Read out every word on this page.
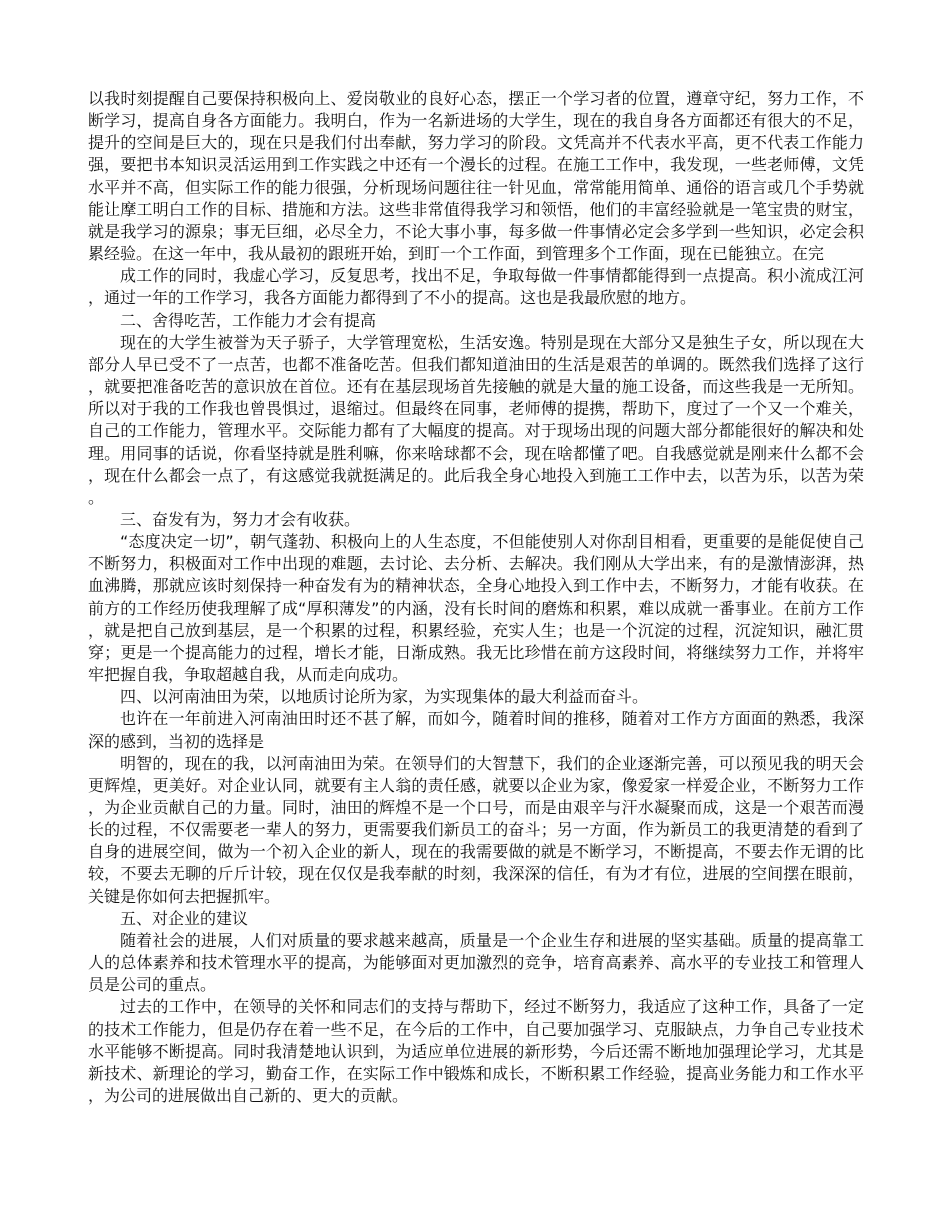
以我时刻提醒自己要保持积极向上、爱岗敬业的良好心态，摆正一个学习者的位置，遵章守纪，努力工作，不断学习，提高自身各方面能力。我明白，作为一名新进场的大学生，现在的我自身各方面都还有很大的不足，提升的空间是巨大的，现在只是我们付出奉献，努力学习的阶段。文凭高并不代表水平高，更不代表工作能力强，要把书本知识灵活运用到工作实践之中还有一个漫长的过程。在施工工作中，我发现，一些老师傅，文凭水平并不高，但实际工作的能力很强，分析现场问题往往一针见血，常常能用简单、通俗的语言或几个手势就能让摩工明白工作的目标、措施和方法。这些非常值得我学习和领悟，他们的丰富经验就是一笔宝贵的财宝，就是我学习的源泉；事无巨细，必尽全力，不论大事小事，每多做一件事情必定会多学到一些知识，必定会积累经验。在这一年中，我从最初的跟班开始，到盯一个工作面，到管理多个工作面，现在已能独立。在完

成工作的同时，我虚心学习，反复思考，找出不足，争取每做一件事情都能得到一点提高。积小流成江河，通过一年的工作学习，我各方面能力都得到了不小的提高。这也是我最欣慰的地方。

二、舍得吃苦，工作能力才会有提高

现在的大学生被誉为天子骄子，大学管理宽松，生活安逸。特别是现在大部分又是独生子女，所以现在大部分人早已受不了一点苦，也都不准备吃苦。但我们都知道油田的生活是艰苦的单调的。既然我们选择了这行，就要把准备吃苦的意识放在首位。还有在基层现场首先接触的就是大量的施工设备，而这些我是一无所知。所以对于我的工作我也曾畏惧过，退缩过。但最终在同事，老师傅的提携，帮助下，度过了一个又一个难关，自己的工作能力，管理水平。交际能力都有了大幅度的提高。对于现场出现的问题大部分都能很好的解决和处理。用同事的话说，你看坚持就是胜利嘛，你来啥球都不会，现在啥都懂了吧。自我感觉就是刚来什么都不会，现在什么都会一点了，有这感觉我就挺满足的。此后我全身心地投入到施工工作中去，以苦为乐，以苦为荣。

三、奋发有为，努力才会有收获。

“态度决定一切”，朝气蓬勃、积极向上的人生态度，不但能使别人对你刮目相看，更重要的是能促使自己不断努力，积极面对工作中出现的难题，去讨论、去分析、去解决。我们刚从大学出来，有的是激情澎湃，热血沸腾，那就应该时刻保持一种奋发有为的精神状态，全身心地投入到工作中去，不断努力，才能有收获。在前方的工作经历使我理解了成“厚积薄发”的内涵，没有长时间的磨炼和积累，难以成就一番事业。在前方工作，就是把自己放到基层，是一个积累的过程，积累经验，充实人生；也是一个沉淀的过程，沉淀知识，融汇贯穿；更是一个提高能力的过程，增长才能，日渐成熟。我无比珍惜在前方这段时间，将继续努力工作，并将牢牢把握自我，争取超越自我，从而走向成功。

四、以河南油田为荣，以地质讨论所为家，为实现集体的最大利益而奋斗。

也许在一年前进入河南油田时还不甚了解，而如今，随着时间的推移，随着对工作方方面面的熟悉，我深深的感到，当初的选择是

明智的，现在的我，以河南油田为荣。在领导们的大智慧下，我们的企业逐渐完善，可以预见我的明天会更辉煌，更美好。对企业认同，就要有主人翁的责任感，就要以企业为家，像爱家一样爱企业，不断努力工作，为企业贡献自己的力量。同时，油田的辉煌不是一个口号，而是由艰辛与汗水凝聚而成，这是一个艰苦而漫长的过程，不仅需要老一辈人的努力，更需要我们新员工的奋斗；另一方面，作为新员工的我更清楚的看到了自身的进展空间，做为一个初入企业的新人，现在的我需要做的就是不断学习，不断提高，不要去作无谓的比较，不要去无聊的斤斤计较，现在仅仅是我奉献的时刻，我深深的信任，有为才有位，进展的空间摆在眼前，关键是你如何去把握抓牢。

五、对企业的建议

随着社会的进展，人们对质量的要求越来越高，质量是一个企业生存和进展的坚实基础。质量的提高靠工人的总体素养和技术管理水平的提高，为能够面对更加激烈的竞争，培育高素养、高水平的专业技工和管理人员是公司的重点。

过去的工作中，在领导的关怀和同志们的支持与帮助下，经过不断努力，我适应了这种工作，具备了一定的技术工作能力，但是仍存在着一些不足，在今后的工作中，自己要加强学习、克服缺点，力争自己专业技术水平能够不断提高。同时我清楚地认识到，为适应单位进展的新形势，今后还需不断地加强理论学习，尤其是新技术、新理论的学习，勤奋工作，在实际工作中锻炼和成长，不断积累工作经验，提高业务能力和工作水平，为公司的进展做出自己新的、更大的贡献。
